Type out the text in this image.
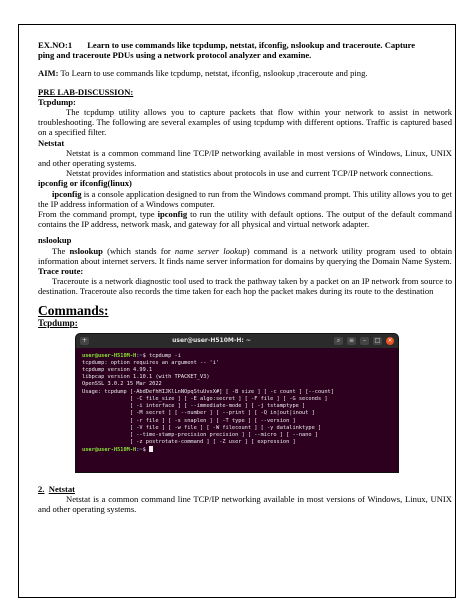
EX.NO:1 Learn to use commands like tcpdump, netstat, ifconfig, nslookup and traceroute. Capture

ping and traceroute PDUs using a network protocol analyzer and examine.

AIM: To Learn to use commands like tcpdump, netstat, ifconfig, nslookup ,traceroute and ping.

PRE LAB-DISCUSSION:

Tcpdump:

The tcpdump utility allows you to capture packets that flow within your network to assist in network troubleshooting. The following are several examples of using tcpdump with different options. Traffic is captured based on a specified filter.

Netstat

Netstat is a common command line TCP/IP networking available in most versions of Windows, Linux, UNIX and other operating systems.

Netstat provides information and statistics about protocols in use and current TCP/IP network connections.

ipconfig or ifconfig(linux)

ipconfig is a console application designed to run from the Windows command prompt. This utility allows you to get the IP address information of a Windows computer.

From the command prompt, type ipconfig to run the utility with default options. The output of the default command contains the IP address, network mask, and gateway for all physical and virtual network adapter.

nslookup

The nslookup (which stands for name server lookup) command is a network utility program used to obtain information about internet servers. It finds name server information for domains by querying the Domain Name System.

Trace route:

Traceroute is a network diagnostic tool used to track the pathway taken by a packet on an IP network from source to destination. Traceroute also records the time taken for each hop the packet makes during its route to the destination

Commands:

Tcpdump:

+	user@user-H510M-H: ~	⌕	≡	–	□ ×

user@user-H510M-H:~$ tcpdump -i

tcpdump: option requires an argument -- 'i'

tcpdump version 4.99.1

libpcap version 1.10.1 (with TPACKET_V3)

OpenSSL 3.0.2 15 Mar 2022

Usage: tcpdump [-AbdDefhHIJKlLnNOpqStuUvxX#] [ -B size ] [ -c count ] [--count]

[ -C file_size ] [ -E algo:secret ] [ -F file ] [ -G seconds ]

[ -i interface ] [ --immediate-mode ] [ -j tstamptype ]

[ -M secret ] [ --number ] [ --print ] [ -Q in|out|inout ]

[ -r file ] [ -s snaplen ] [ -T type ] [ --version ]

[ -V file ] [ -w file ] [ -W filecount ] [ -y datalinktype ]

[ --time-stamp-precision precision ] [ --micro ] [ --nano ]

[ -z postrotate-command ] [ -Z user ] [ expression ]

user@user-H510M-H:~$

2. Netstat

Netstat is a common command line TCP/IP networking available in most versions of Windows, Linux, UNIX and other operating systems.
